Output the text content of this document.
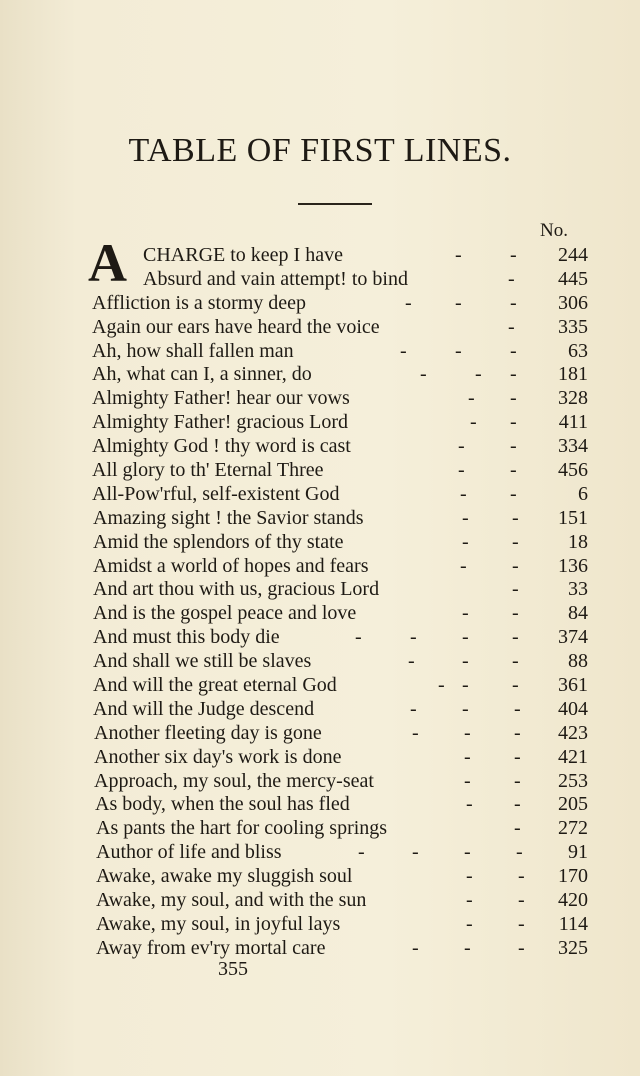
TABLE OF FIRST LINES.
No.
A CHARGE to keep I have	- - 244
Absurd and vain attempt! to bind	- 445
Affliction is a stormy deep	- - - 306
Again our ears have heard the voice	- 335
Ah, how shall fallen man	- - -	63
Ah, what can I, a sinner, do	- - - 181
Almighty Father! hear our vows	- - 328
Almighty Father! gracious Lord	- - 411
Almighty God ! thy word is cast	- - 334
All glory to th' Eternal Three	- - 456
All-Pow'rful, self-existent God	- -	6
Amazing sight ! the Savior stands	- - 151
Amid the splendors of thy state	- - 18
Amidst a world of hopes and fears	- - 136
And art thou with us, gracious Lord	- 33
And is the gospel peace and love	- - 84
And must this body die	- - - - 374
And shall we still be slaves	- - - 88
And will the great eternal God	- - - 361
And will the Judge descend	- - - 404
Another fleeting day is gone	- - - 423
Another six day's work is done	- - 421
Approach, my soul, the mercy-seat	- - 253
As body, when the soul has fled	- - 205
As pants the hart for cooling springs	- 272
Author of life and bliss	- - - - 91
Awake, awake my sluggish soul	- - 170
Awake, my soul, and with the sun	- - 420
Awake, my soul, in joyful lays	- - 114
Away from ev'ry mortal care	- - - 325
355
